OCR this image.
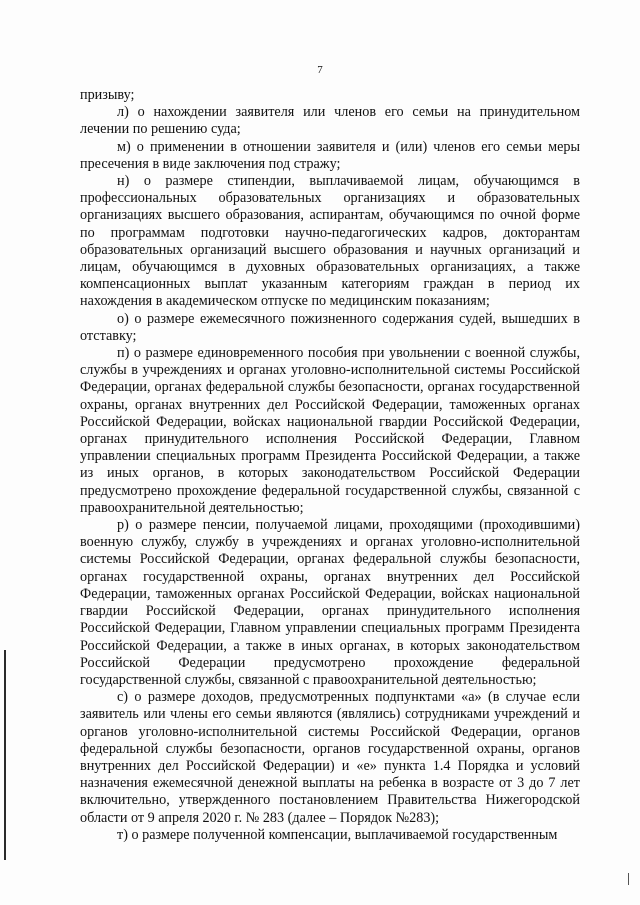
7

призыву;

л) о нахождении заявителя или членов его семьи на принудительном лечении по решению суда;

м) о применении в отношении заявителя и (или) членов его семьи меры пресечения в виде заключения под стражу;

н) о размере стипендии, выплачиваемой лицам, обучающимся в профессиональных образовательных организациях и образовательных организациях высшего образования, аспирантам, обучающимся по очной форме по программам подготовки научно-педагогических кадров, докторантам образовательных организаций высшего образования и научных организаций и лицам, обучающимся в духовных образовательных организациях, а также компенсационных выплат указанным категориям граждан в период их нахождения в академическом отпуске по медицинским показаниям;

о) о размере ежемесячного пожизненного содержания судей, вышедших в отставку;

п) о размере единовременного пособия при увольнении с военной службы, службы в учреждениях и органах уголовно-исполнительной системы Российской Федерации, органах федеральной службы безопасности, органах государственной охраны, органах внутренних дел Российской Федерации, таможенных органах Российской Федерации, войсках национальной гвардии Российской Федерации, органах принудительного исполнения Российской Федерации, Главном управлении специальных программ Президента Российской Федерации, а также из иных органов, в которых законодательством Российской Федерации предусмотрено прохождение федеральной государственной службы, связанной с правоохранительной деятельностью;

р) о размере пенсии, получаемой лицами, проходящими (проходившими) военную службу, службу в учреждениях и органах уголовно-исполнительной системы Российской Федерации, органах федеральной службы безопасности, органах государственной охраны, органах внутренних дел Российской Федерации, таможенных органах Российской Федерации, войсках национальной гвардии Российской Федерации, органах принудительного исполнения Российской Федерации, Главном управлении специальных программ Президента Российской Федерации, а также в иных органах, в которых законодательством Российской Федерации предусмотрено прохождение федеральной государственной службы, связанной с правоохранительной деятельностью;

с) о размере доходов, предусмотренных подпунктами «а» (в случае если заявитель или члены его семьи являются (являлись) сотрудниками учреждений и органов уголовно-исполнительной системы Российской Федерации, органов федеральной службы безопасности, органов государственной охраны, органов внутренних дел Российской Федерации) и «е» пункта 1.4 Порядка и условий назначения ежемесячной денежной выплаты на ребенка в возрасте от 3 до 7 лет включительно, утвержденного постановлением Правительства Нижегородской области от 9 апреля 2020 г. № 283 (далее – Порядок №283);

т) о размере полученной компенсации, выплачиваемой государственным
